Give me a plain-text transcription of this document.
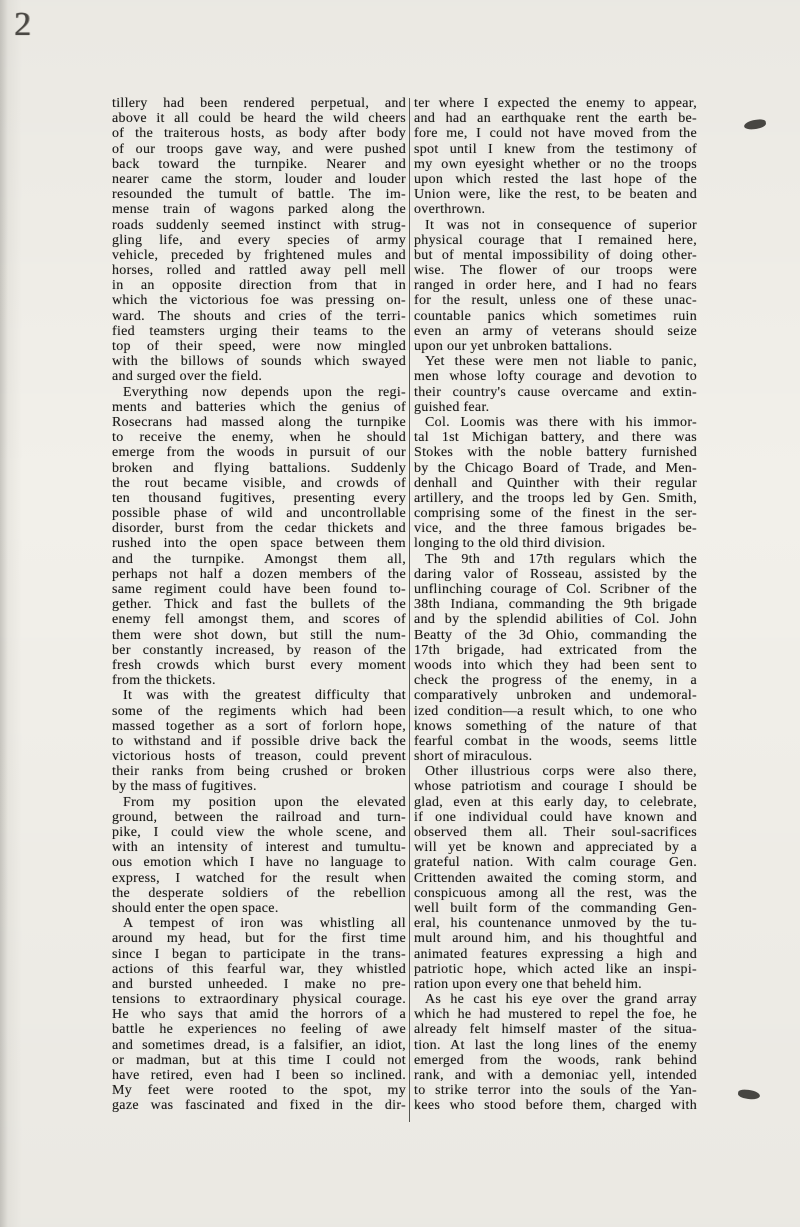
2
tillery had been rendered perpetual, and
above it all could be heard the wild cheers
of the traiterous hosts, as body after body
of our troops gave way, and were pushed
back toward the turnpike. Nearer and
nearer came the storm, louder and louder
resounded the tumult of battle. The im-
mense train of wagons parked along the
roads suddenly seemed instinct with strug-
gling life, and every species of army
vehicle, preceded by frightened mules and
horses, rolled and rattled away pell mell
in an opposite direction from that in
which the victorious foe was pressing on-
ward. The shouts and cries of the terri-
fied teamsters urging their teams to the
top of their speed, were now mingled
with the billows of sounds which swayed
and surged over the field.
Everything now depends upon the regi-
ments and batteries which the genius of
Rosecrans had massed along the turnpike
to receive the enemy, when he should
emerge from the woods in pursuit of our
broken and flying battalions. Suddenly
the rout became visible, and crowds of
ten thousand fugitives, presenting every
possible phase of wild and uncontrollable
disorder, burst from the cedar thickets and
rushed into the open space between them
and the turnpike. Amongst them all,
perhaps not half a dozen members of the
same regiment could have been found to-
gether. Thick and fast the bullets of the
enemy fell amongst them, and scores of
them were shot down, but still the num-
ber constantly increased, by reason of the
fresh crowds which burst every moment
from the thickets.
It was with the greatest difficulty that
some of the regiments which had been
massed together as a sort of forlorn hope,
to withstand and if possible drive back the
victorious hosts of treason, could prevent
their ranks from being crushed or broken
by the mass of fugitives.
From my position upon the elevated
ground, between the railroad and turn-
pike, I could view the whole scene, and
with an intensity of interest and tumultu-
ous emotion which I have no language to
express, I watched for the result when
the desperate soldiers of the rebellion
should enter the open space.
A tempest of iron was whistling all
around my head, but for the first time
since I began to participate in the trans-
actions of this fearful war, they whistled
and bursted unheeded. I make no pre-
tensions to extraordinary physical courage.
He who says that amid the horrors of a
battle he experiences no feeling of awe
and sometimes dread, is a falsifier, an idiot,
or madman, but at this time I could not
have retired, even had I been so inclined.
My feet were rooted to the spot, my
gaze was fascinated and fixed in the dir-
ter where I expected the enemy to appear,
and had an earthquake rent the earth be-
fore me, I could not have moved from the
spot until I knew from the testimony of
my own eyesight whether or no the troops
upon which rested the last hope of the
Union were, like the rest, to be beaten and
overthrown.
It was not in consequence of superior
physical courage that I remained here,
but of mental impossibility of doing other-
wise. The flower of our troops were
ranged in order here, and I had no fears
for the result, unless one of these unac-
countable panics which sometimes ruin
even an army of veterans should seize
upon our yet unbroken battalions.
Yet these were men not liable to panic,
men whose lofty courage and devotion to
their country's cause overcame and extin-
guished fear.
Col. Loomis was there with his immor-
tal 1st Michigan battery, and there was
Stokes with the noble battery furnished
by the Chicago Board of Trade, and Men-
denhall and Quinther with their regular
artillery, and the troops led by Gen. Smith,
comprising some of the finest in the ser-
vice, and the three famous brigades be-
longing to the old third division.
The 9th and 17th regulars which the
daring valor of Rosseau, assisted by the
unflinching courage of Col. Scribner of the
38th Indiana, commanding the 9th brigade
and by the splendid abilities of Col. John
Beatty of the 3d Ohio, commanding the
17th brigade, had extricated from the
woods into which they had been sent to
check the progress of the enemy, in a
comparatively unbroken and undemoral-
ized condition—a result which, to one who
knows something of the nature of that
fearful combat in the woods, seems little
short of miraculous.
Other illustrious corps were also there,
whose patriotism and courage I should be
glad, even at this early day, to celebrate,
if one individual could have known and
observed them all. Their soul-sacrifices
will yet be known and appreciated by a
grateful nation. With calm courage Gen.
Crittenden awaited the coming storm, and
conspicuous among all the rest, was the
well built form of the commanding Gen-
eral, his countenance unmoved by the tu-
mult around him, and his thoughtful and
animated features expressing a high and
patriotic hope, which acted like an inspi-
ration upon every one that beheld him.
As he cast his eye over the grand array
which he had mustered to repel the foe, he
already felt himself master of the situa-
tion. At last the long lines of the enemy
emerged from the woods, rank behind
rank, and with a demoniac yell, intended
to strike terror into the souls of the Yan-
kees who stood before them, charged with
